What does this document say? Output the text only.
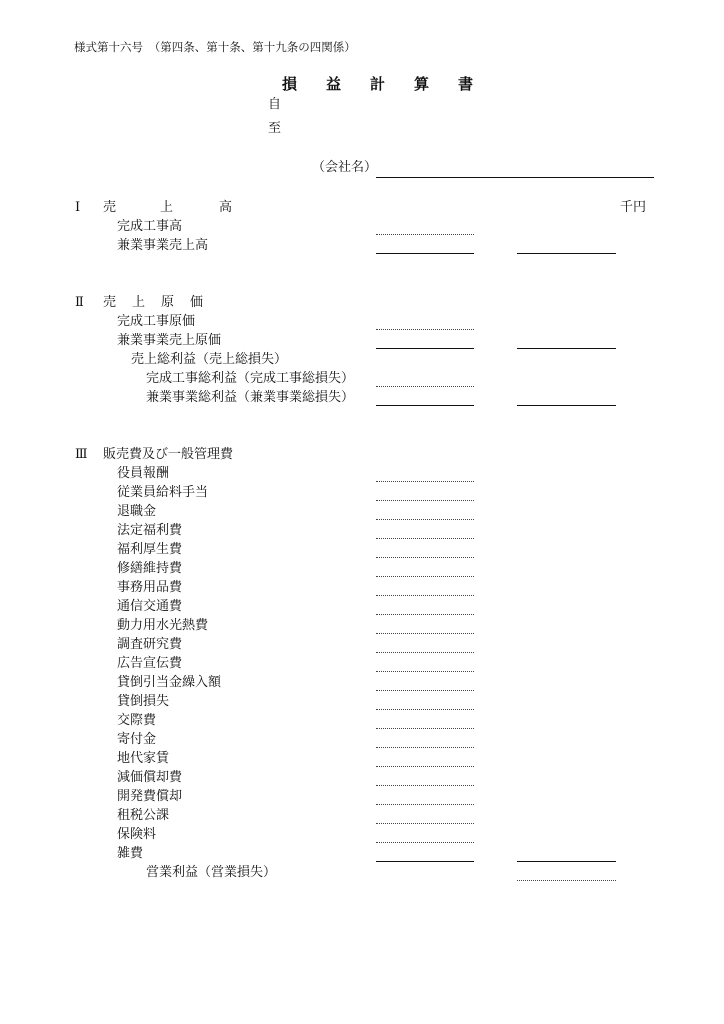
様式第十六号　（第四条、第十条、第十九条の四関係）
損 益 計 算 書
自
至
（会社名）
千円
Ⅰ 売	上	高
完成工事高
兼業事業売上高
Ⅱ 売 上 原 価
完成工事原価
兼業事業売上原価
売上総利益（売上総損失）
完成工事総利益（完成工事総損失）
兼業事業総利益（兼業事業総損失）
Ⅲ 販売費及び一般管理費
役員報酬
従業員給料手当
退職金
法定福利費
福利厚生費
修繕維持費
事務用品費
通信交通費
動力用水光熱費
調査研究費
広告宣伝費
貸倒引当金繰入額
貸倒損失
交際費
寄付金
地代家賃
減価償却費
開発費償却
租税公課
保険料
雑費
営業利益（営業損失）
